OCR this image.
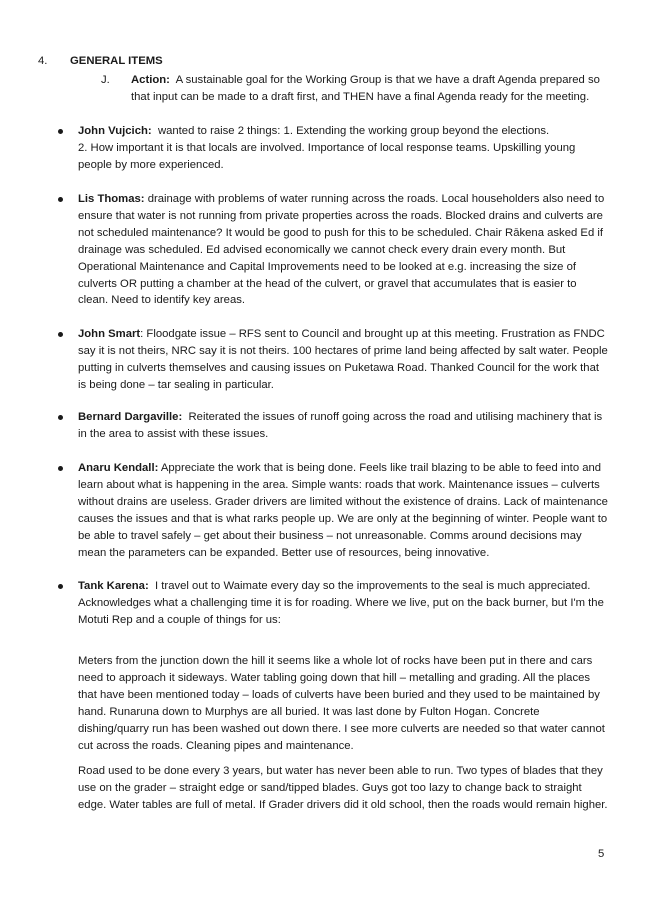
4. GENERAL ITEMS
J. Action: A sustainable goal for the Working Group is that we have a draft Agenda prepared so that input can be made to a draft first, and THEN have a final Agenda ready for the meeting.
John Vujcich: wanted to raise 2 things: 1. Extending the working group beyond the elections.
2. How important it is that locals are involved. Importance of local response teams. Upskilling young people by more experienced.
Lis Thomas: drainage with problems of water running across the roads. Local householders also need to ensure that water is not running from private properties across the roads. Blocked drains and culverts are not scheduled maintenance? It would be good to push for this to be scheduled. Chair Rākena asked Ed if drainage was scheduled. Ed advised economically we cannot check every drain every month. But Operational Maintenance and Capital Improvements need to be looked at e.g. increasing the size of culverts OR putting a chamber at the head of the culvert, or gravel that accumulates that is easier to clean. Need to identify key areas.
John Smart: Floodgate issue – RFS sent to Council and brought up at this meeting. Frustration as FNDC say it is not theirs, NRC say it is not theirs. 100 hectares of prime land being affected by salt water. People putting in culverts themselves and causing issues on Puketawa Road. Thanked Council for the work that is being done – tar sealing in particular.
Bernard Dargaville: Reiterated the issues of runoff going across the road and utilising machinery that is in the area to assist with these issues.
Anaru Kendall: Appreciate the work that is being done. Feels like trail blazing to be able to feed into and learn about what is happening in the area. Simple wants: roads that work. Maintenance issues – culverts without drains are useless. Grader drivers are limited without the existence of drains. Lack of maintenance causes the issues and that is what rarks people up. We are only at the beginning of winter. People want to be able to travel safely – get about their business – not unreasonable. Comms around decisions may mean the parameters can be expanded. Better use of resources, being innovative.
Tank Karena: I travel out to Waimate every day so the improvements to the seal is much appreciated. Acknowledges what a challenging time it is for roading. Where we live, put on the back burner, but I'm the Motuti Rep and a couple of things for us:
Meters from the junction down the hill it seems like a whole lot of rocks have been put in there and cars need to approach it sideways. Water tabling going down that hill – metalling and grading. All the places that have been mentioned today – loads of culverts have been buried and they used to be maintained by hand. Runaruna down to Murphys are all buried. It was last done by Fulton Hogan. Concrete dishing/quarry run has been washed out down there. I see more culverts are needed so that water cannot cut across the roads. Cleaning pipes and maintenance.
Road used to be done every 3 years, but water has never been able to run. Two types of blades that they use on the grader – straight edge or sand/tipped blades. Guys got too lazy to change back to straight edge. Water tables are full of metal. If Grader drivers did it old school, then the roads would remain higher.
5
